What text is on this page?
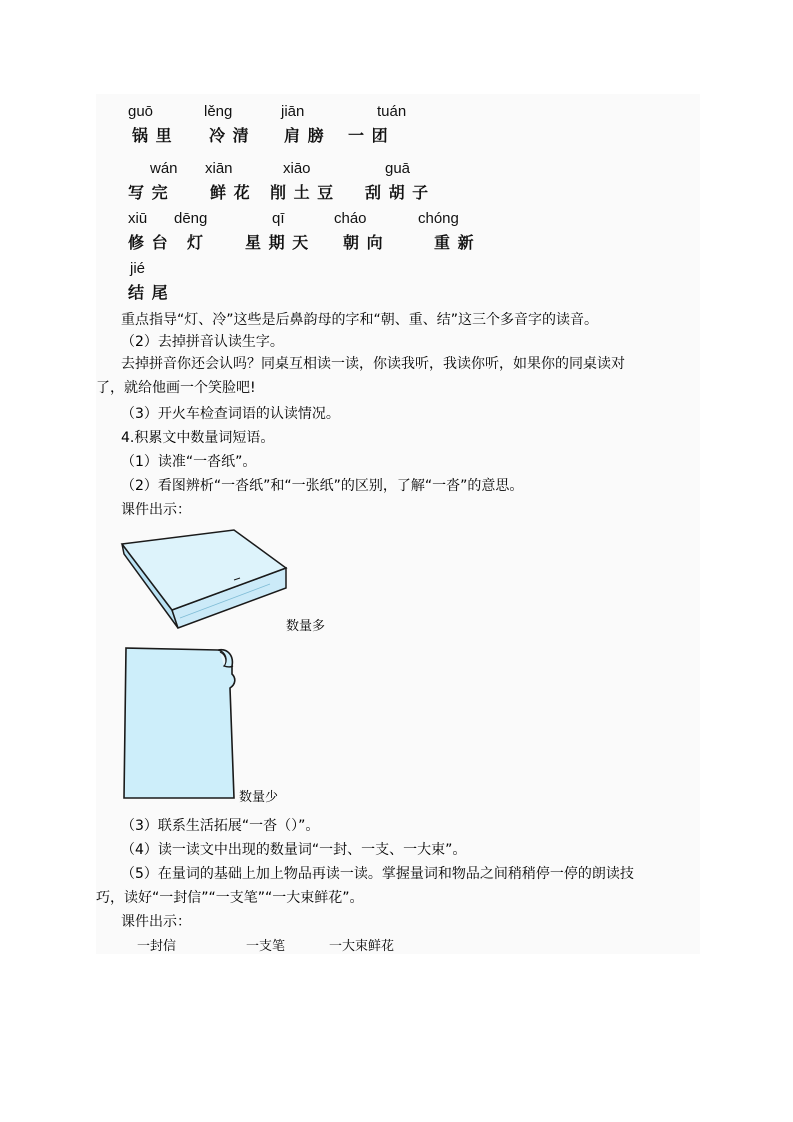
guō	lěng	jiān	tuán
锅 里 冷 清 肩 膀 一 团
wán xiān	xiāo	guā
写 完	鲜 花 削 土 豆 刮 胡 子
xiū dēng	qī	cháo	chóng
修 台 灯	星 期 天 朝 向	重 新
jié
结 尾
重点指导“灯、冷”这些是后鼻韵母的字和“朝、重、结”这三个多音字的读音。
（2）去掉拼音认读生字。
去掉拼音你还会认吗？同桌互相读一读，你读我听，我读你听，如果你的同桌读对
了，就给他画一个笑脸吧!
（3）开火车检查词语的认读情况。
4.积累文中数量词短语。
（1）读准“一沓纸”。
（2）看图辨析“一沓纸”和“一张纸”的区别，了解“一沓”的意思。
课件出示：
数量多
数量少
（3）联系生活拓展“一沓（）”。
（4）读一读文中出现的数量词“一封、一支、一大束”。
（5）在量词的基础上加上物品再读一读。掌握量词和物品之间稍稍停一停的朗读技
巧，读好“一封信”“一支笔”“一大束鲜花”。
课件出示：
一封信	一支笔	一大束鲜花
